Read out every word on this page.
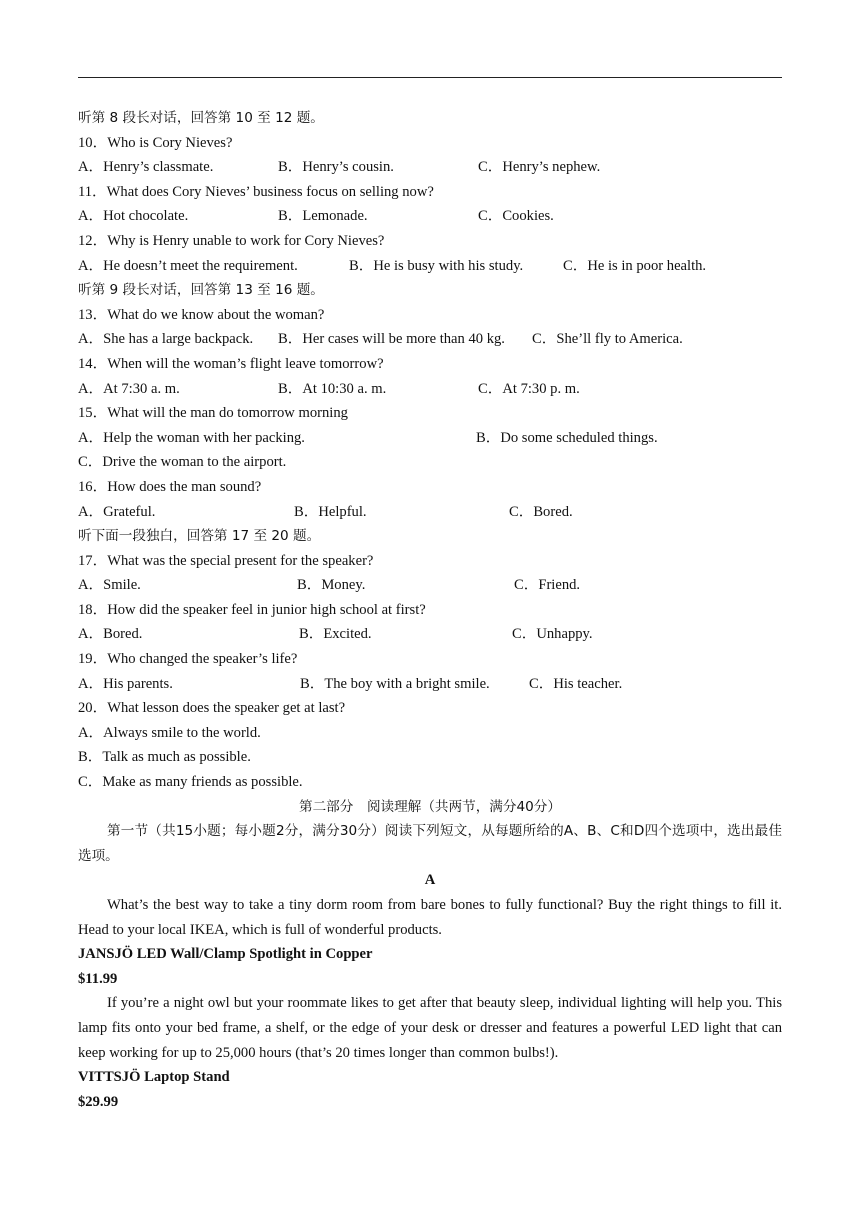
听第 8 段长对话，回答第 10 至 12 题。
10．Who is Cory Nieves?
A．Henry’s classmate.	B．Henry’s cousin.	C．Henry’s nephew.
11．What does Cory Nieves’ business focus on selling now?
A．Hot chocolate.	B．Lemonade.	C．Cookies.
12．Why is Henry unable to work for Cory Nieves?
A．He doesn’t meet the requirement.	B．He is busy with his study.	C．He is in poor health.
听第 9 段长对话，回答第 13 至 16 题。
13．What do we know about the woman?
A．She has a large backpack. B．Her cases will be more than 40 kg. C．She’ll fly to America.
14．When will the woman’s flight leave tomorrow?
A．At 7:30 a. m.	B．At 10:30 a. m.	C．At 7:30 p. m.
15．What will the man do tomorrow morning
A．Help the woman with her packing.	B．Do some scheduled things.
C．Drive the woman to the airport.
16．How does the man sound?
A．Grateful.	B．Helpful.	C．Bored.
听下面一段独白，回答第 17 至 20 题。
17．What was the special present for the speaker?
A．Smile.	B．Money.	C．Friend.
18．How did the speaker feel in junior high school at first?
A．Bored.	B．Excited.	C．Unhappy.
19．Who changed the speaker’s life?
A．His parents.	B．The boy with a bright smile.	C．His teacher.
20．What lesson does the speaker get at last?
A．Always smile to the world.
B．Talk as much as possible.
C．Make as many friends as possible.
第二部分　阅读理解（共两节，满分40分）

第一节（共15小题；每小题2分，满分30分）阅读下列短文，从每题所给的A、B、C和D四个选项中，选出最佳选项。

A

What’s the best way to take a tiny dorm room from bare bones to fully functional? Buy the right things to fill it. Head to your local IKEA, which is full of wonderful products.

JANSJÖ LED Wall/Clamp Spotlight in Copper
$11.99

If you’re a night owl but your roommate likes to get after that beauty sleep, individual lighting will help you. This lamp fits onto your bed frame, a shelf, or the edge of your desk or dresser and features a powerful LED light that can keep working for up to 25,000 hours (that’s 20 times longer than common bulbs!).

VITTSJÖ Laptop Stand
$29.99
